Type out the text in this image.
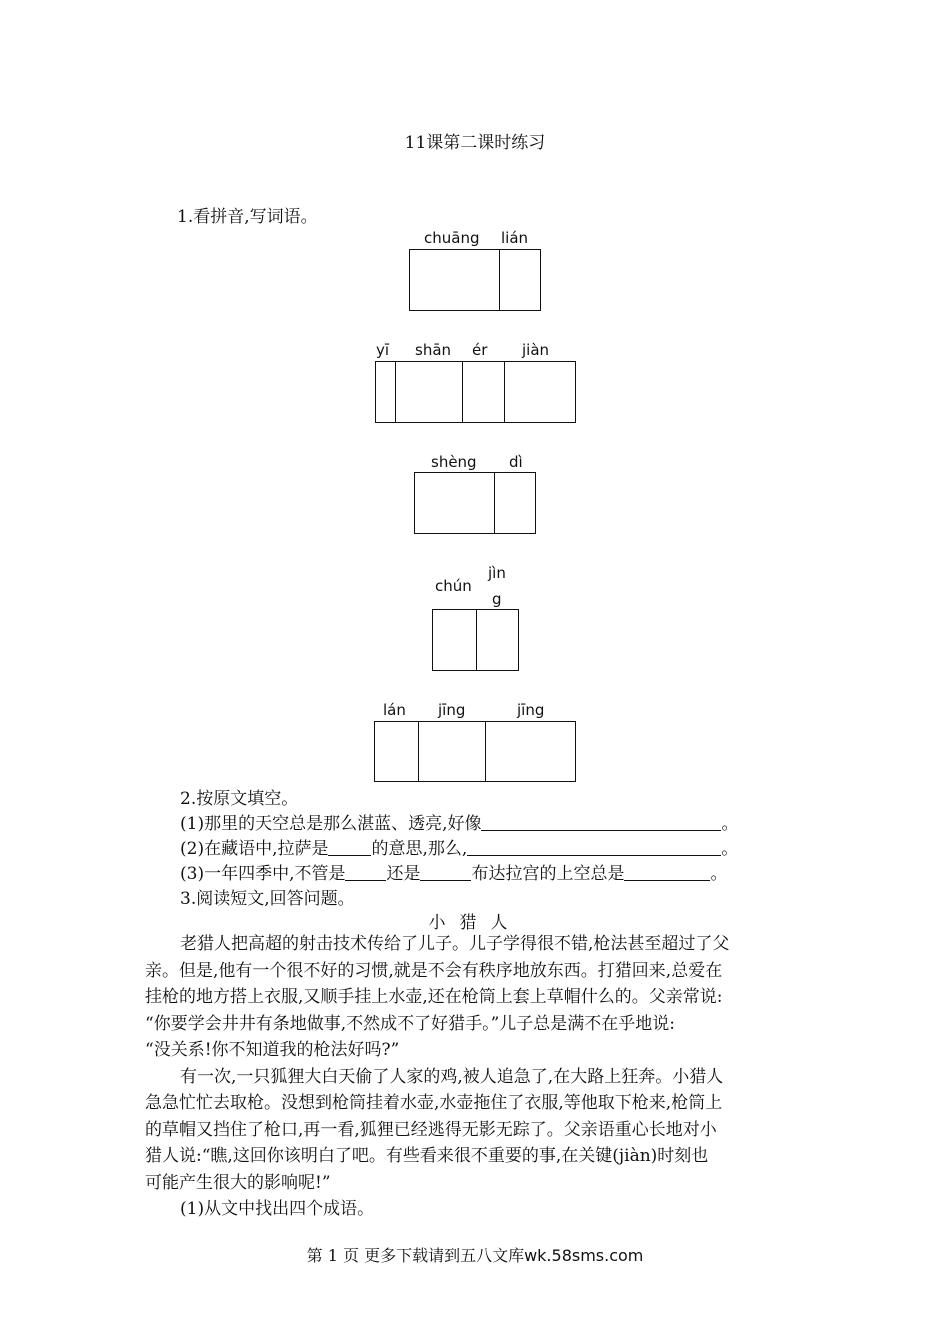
11课第二课时练习
1.看拼音,写词语。
chuāng lián
yī shān ér jiàn
shèng dì
chún
jìn
g
lán jīng	jīng
2.按原文填空。
(1)那里的天空总是那么湛蓝、透亮,好像	。
(2)在藏语中,拉萨是	的意思,那么,	。
(3)一年四季中,不管是 还是	布达拉宫的上空总是	。
3.阅读短文,回答问题。
小猎人

老猎人把高超的射击技术传给了儿子。儿子学得很不错,枪法甚至超过了父

亲。但是,他有一个很不好的习惯,就是不会有秩序地放东西。打猎回来,总爱在

挂枪的地方搭上衣服,又顺手挂上水壶,还在枪筒上套上草帽什么的。父亲常说:

“你要学会井井有条地做事,不然成不了好猎手。”儿子总是满不在乎地说:

“没关系!你不知道我的枪法好吗?”

有一次,一只狐狸大白天偷了人家的鸡,被人追急了,在大路上狂奔。小猎人

急急忙忙去取枪。没想到枪筒挂着水壶,水壶拖住了衣服,等他取下枪来,枪筒上

的草帽又挡住了枪口,再一看,狐狸已经逃得无影无踪了。父亲语重心长地对小

猎人说:“瞧,这回你该明白了吧。有些看来很不重要的事,在关键(jiàn)时刻也

可能产生很大的影响呢!”

(1)从文中找出四个成语。

第 1 页 更多下载请到五八文库wk.58sms.com
